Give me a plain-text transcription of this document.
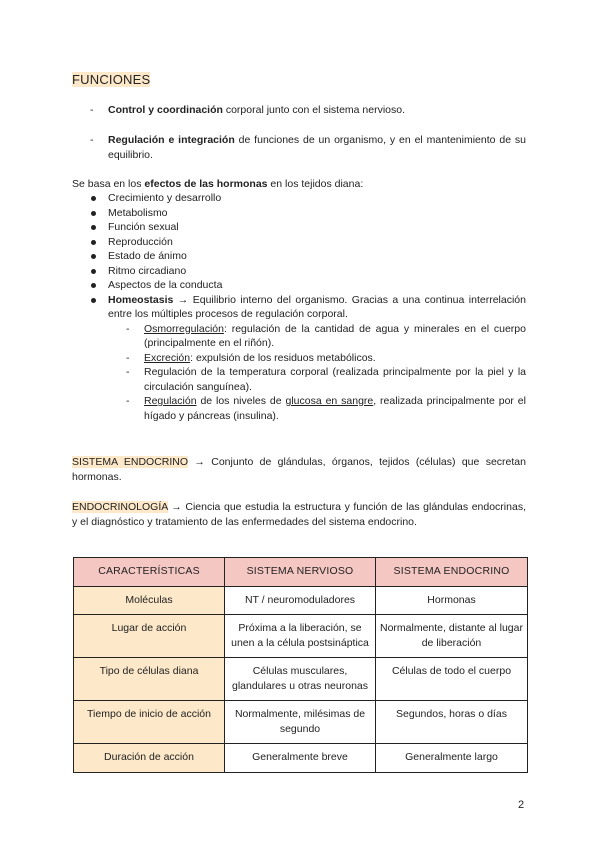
FUNCIONES
- Control y coordinación corporal junto con el sistema nervioso.
- Regulación e integración de funciones de un organismo, y en el mantenimiento de su equilibrio.
Se basa en los efectos de las hormonas en los tejidos diana:
Crecimiento y desarrollo
Metabolismo
Función sexual
Reproducción
Estado de ánimo
Ritmo circadiano
Aspectos de la conducta
Homeostasis → Equilibrio interno del organismo. Gracias a una continua interrelación entre los múltiples procesos de regulación corporal.
- Osmorregulación: regulación de la cantidad de agua y minerales en el cuerpo (principalmente en el riñón).
- Excreción: expulsión de los residuos metabólicos.
- Regulación de la temperatura corporal (realizada principalmente por la piel y la circulación sanguínea).
- Regulación de los niveles de glucosa en sangre, realizada principalmente por el hígado y páncreas (insulina).
SISTEMA ENDOCRINO → Conjunto de glándulas, órganos, tejidos (células) que secretan hormonas.
ENDOCRINOLOGÍA → Ciencia que estudia la estructura y función de las glándulas endocrinas, y el diagnóstico y tratamiento de las enfermedades del sistema endocrino.
CARACTERÍSTICAS	SISTEMA NERVIOSO	SISTEMA ENDOCRINO
Moléculas	NT / neuromoduladores	Hormonas
Lugar de acción	Próxima a la liberación, se unen a la célula postsináptica	Normalmente, distante al lugar de liberación
Tipo de células diana	Células musculares, glandulares u otras neuronas	Células de todo el cuerpo
Tiempo de inicio de acción	Normalmente, milésimas de segundo	Segundos, horas o días
Duración de acción	Generalmente breve	Generalmente largo
2
